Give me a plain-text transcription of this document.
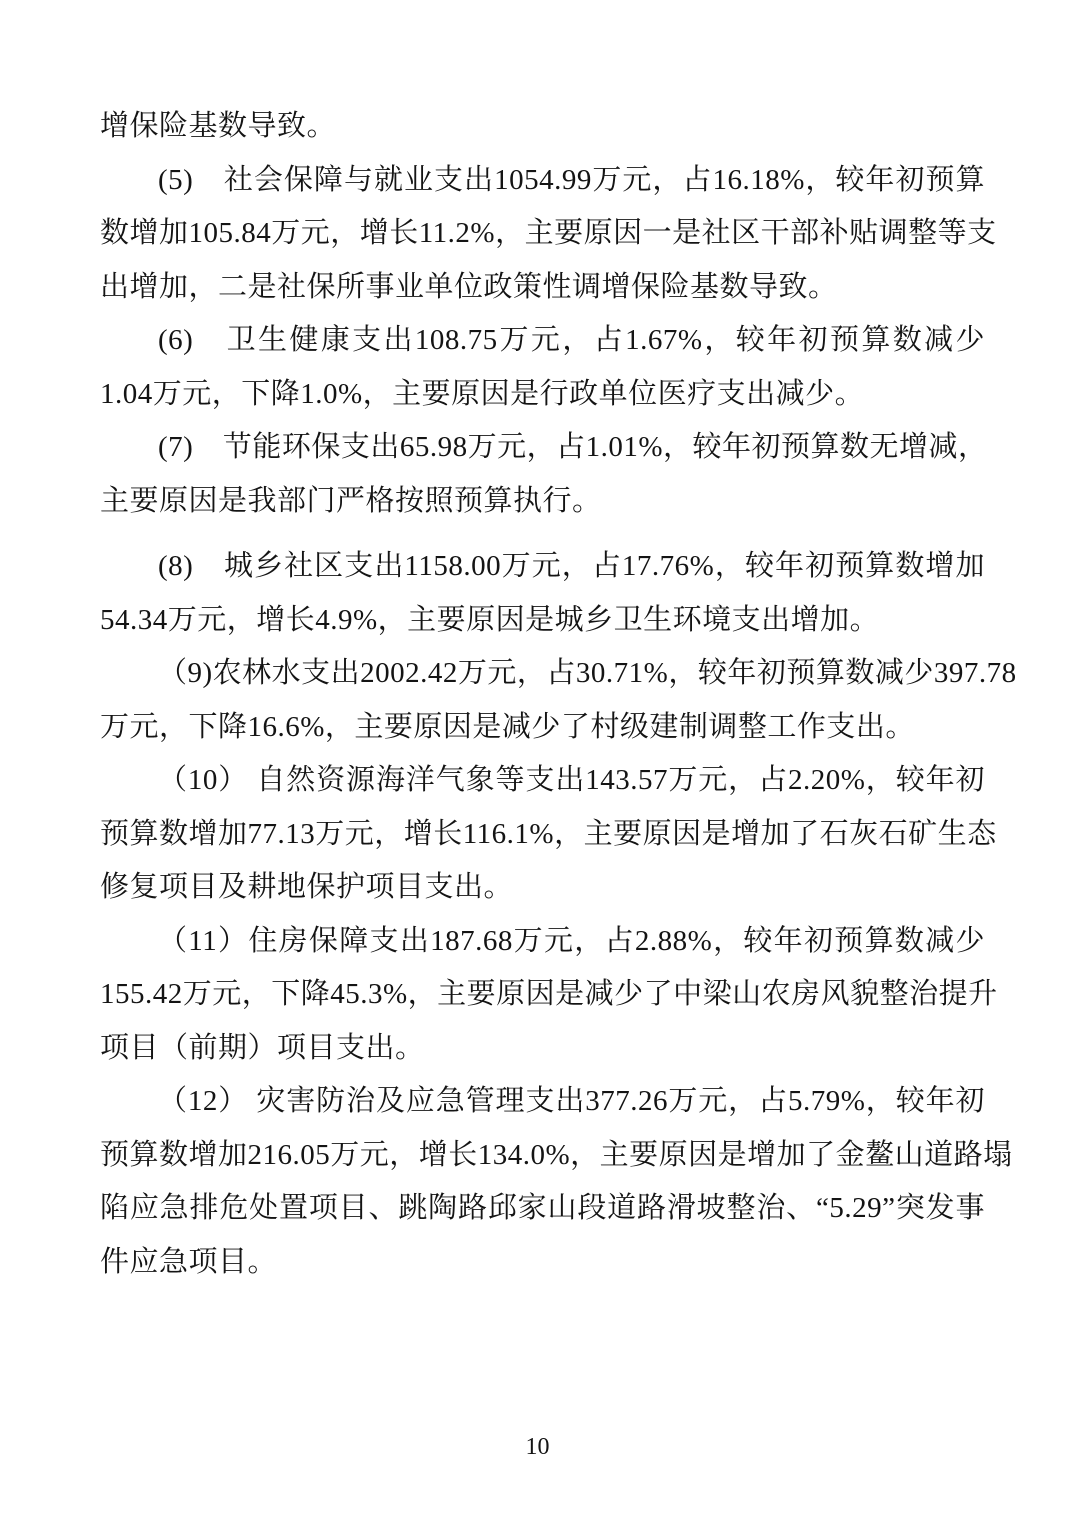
增保险基数导致。

(5)　社会保障与就业支出1054.99万元，占16.18%，较年初预算
数增加105.84万元，增长11.2%，主要原因一是社区干部补贴调整等支
出增加，二是社保所事业单位政策性调增保险基数导致。

(6)　卫生健康支出108.75万元，占1.67%，较年初预算数减少
1.04万元，下降1.0%，主要原因是行政单位医疗支出减少。

(7)　节能环保支出65.98万元，占1.01%，较年初预算数无增减，
主要原因是我部门严格按照预算执行。

(8)　城乡社区支出1158.00万元，占17.76%，较年初预算数增加
54.34万元，增长4.9%，主要原因是城乡卫生环境支出增加。

（9)农林水支出2002.42万元，占30.71%，较年初预算数减少397.78
万元，下降16.6%，主要原因是减少了村级建制调整工作支出。

（10） 自然资源海洋气象等支出143.57万元，占2.20%，较年初
预算数增加77.13万元，增长116.1%，主要原因是增加了石灰石矿生态
修复项目及耕地保护项目支出。

（11）住房保障支出187.68万元，占2.88%，较年初预算数减少
155.42万元，下降45.3%，主要原因是减少了中梁山农房风貌整治提升
项目（前期）项目支出。

（12） 灾害防治及应急管理支出377.26万元，占5.79%，较年初
预算数增加216.05万元，增长134.0%，主要原因是增加了金鳌山道路塌
陷应急排危处置项目、跳陶路邱家山段道路滑坡整治、“5.29”突发事
件应急项目。

10
